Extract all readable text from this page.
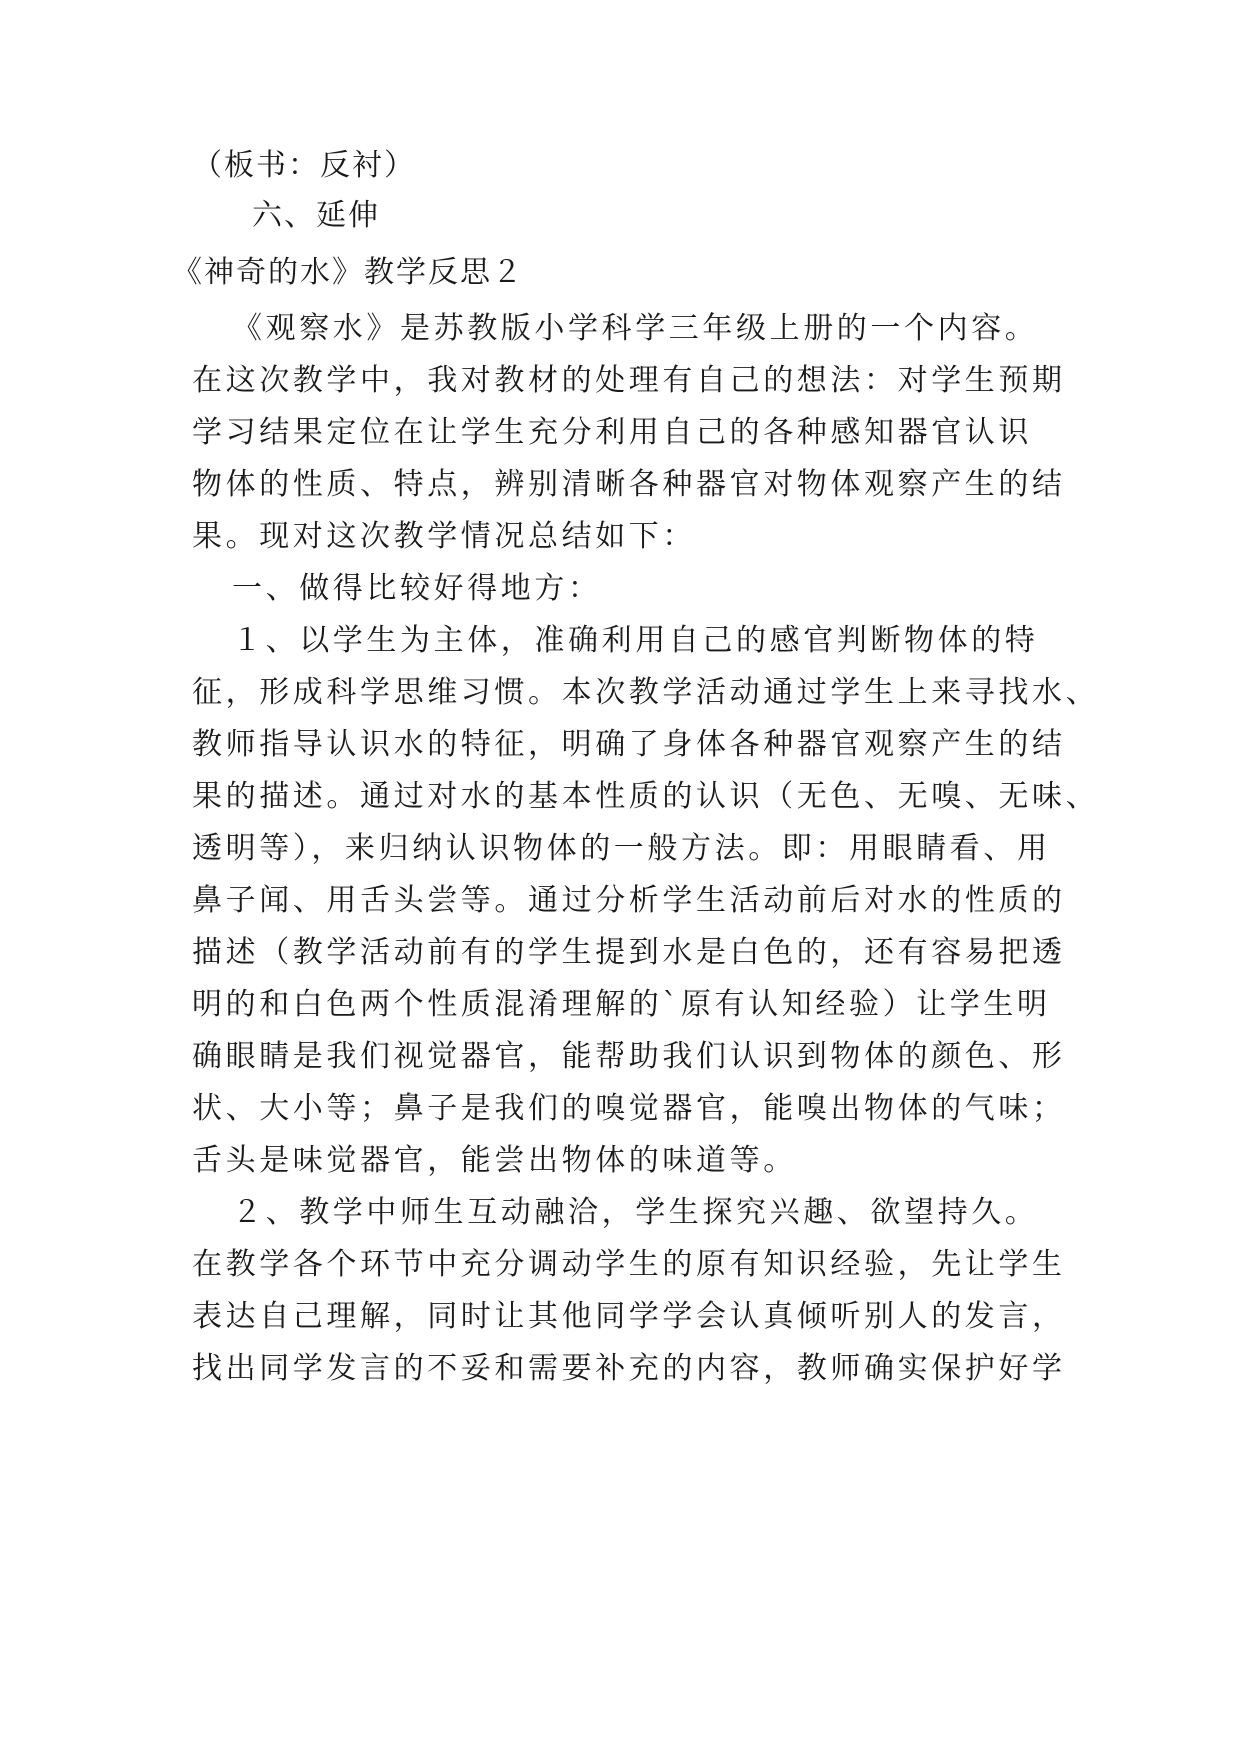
（板书：反衬）
六、延伸
《神奇的水》教学反思２
《观察水》是苏教版小学科学三年级上册的一个内容。
在这次教学中，我对教材的处理有自己的想法：对学生预期
学习结果定位在让学生充分利用自己的各种感知器官认识
物体的性质、特点，辨别清晰各种器官对物体观察产生的结
果。现对这次教学情况总结如下：
一、做得比较好得地方：
１、以学生为主体，准确利用自己的感官判断物体的特
征，形成科学思维习惯。本次教学活动通过学生上来寻找水、
教师指导认识水的特征，明确了身体各种器官观察产生的结
果的描述。通过对水的基本性质的认识（无色、无嗅、无味、
透明等），来归纳认识物体的一般方法。即：用眼睛看、用
鼻子闻、用舌头尝等。通过分析学生活动前后对水的性质的
描述（教学活动前有的学生提到水是白色的，还有容易把透
明的和白色两个性质混淆理解的`原有认知经验）让学生明
确眼睛是我们视觉器官，能帮助我们认识到物体的颜色、形
状、大小等；鼻子是我们的嗅觉器官，能嗅出物体的气味；
舌头是味觉器官，能尝出物体的味道等。
２、教学中师生互动融洽，学生探究兴趣、欲望持久。
在教学各个环节中充分调动学生的原有知识经验，先让学生
表达自己理解，同时让其他同学学会认真倾听别人的发言，
找出同学发言的不妥和需要补充的内容，教师确实保护好学
